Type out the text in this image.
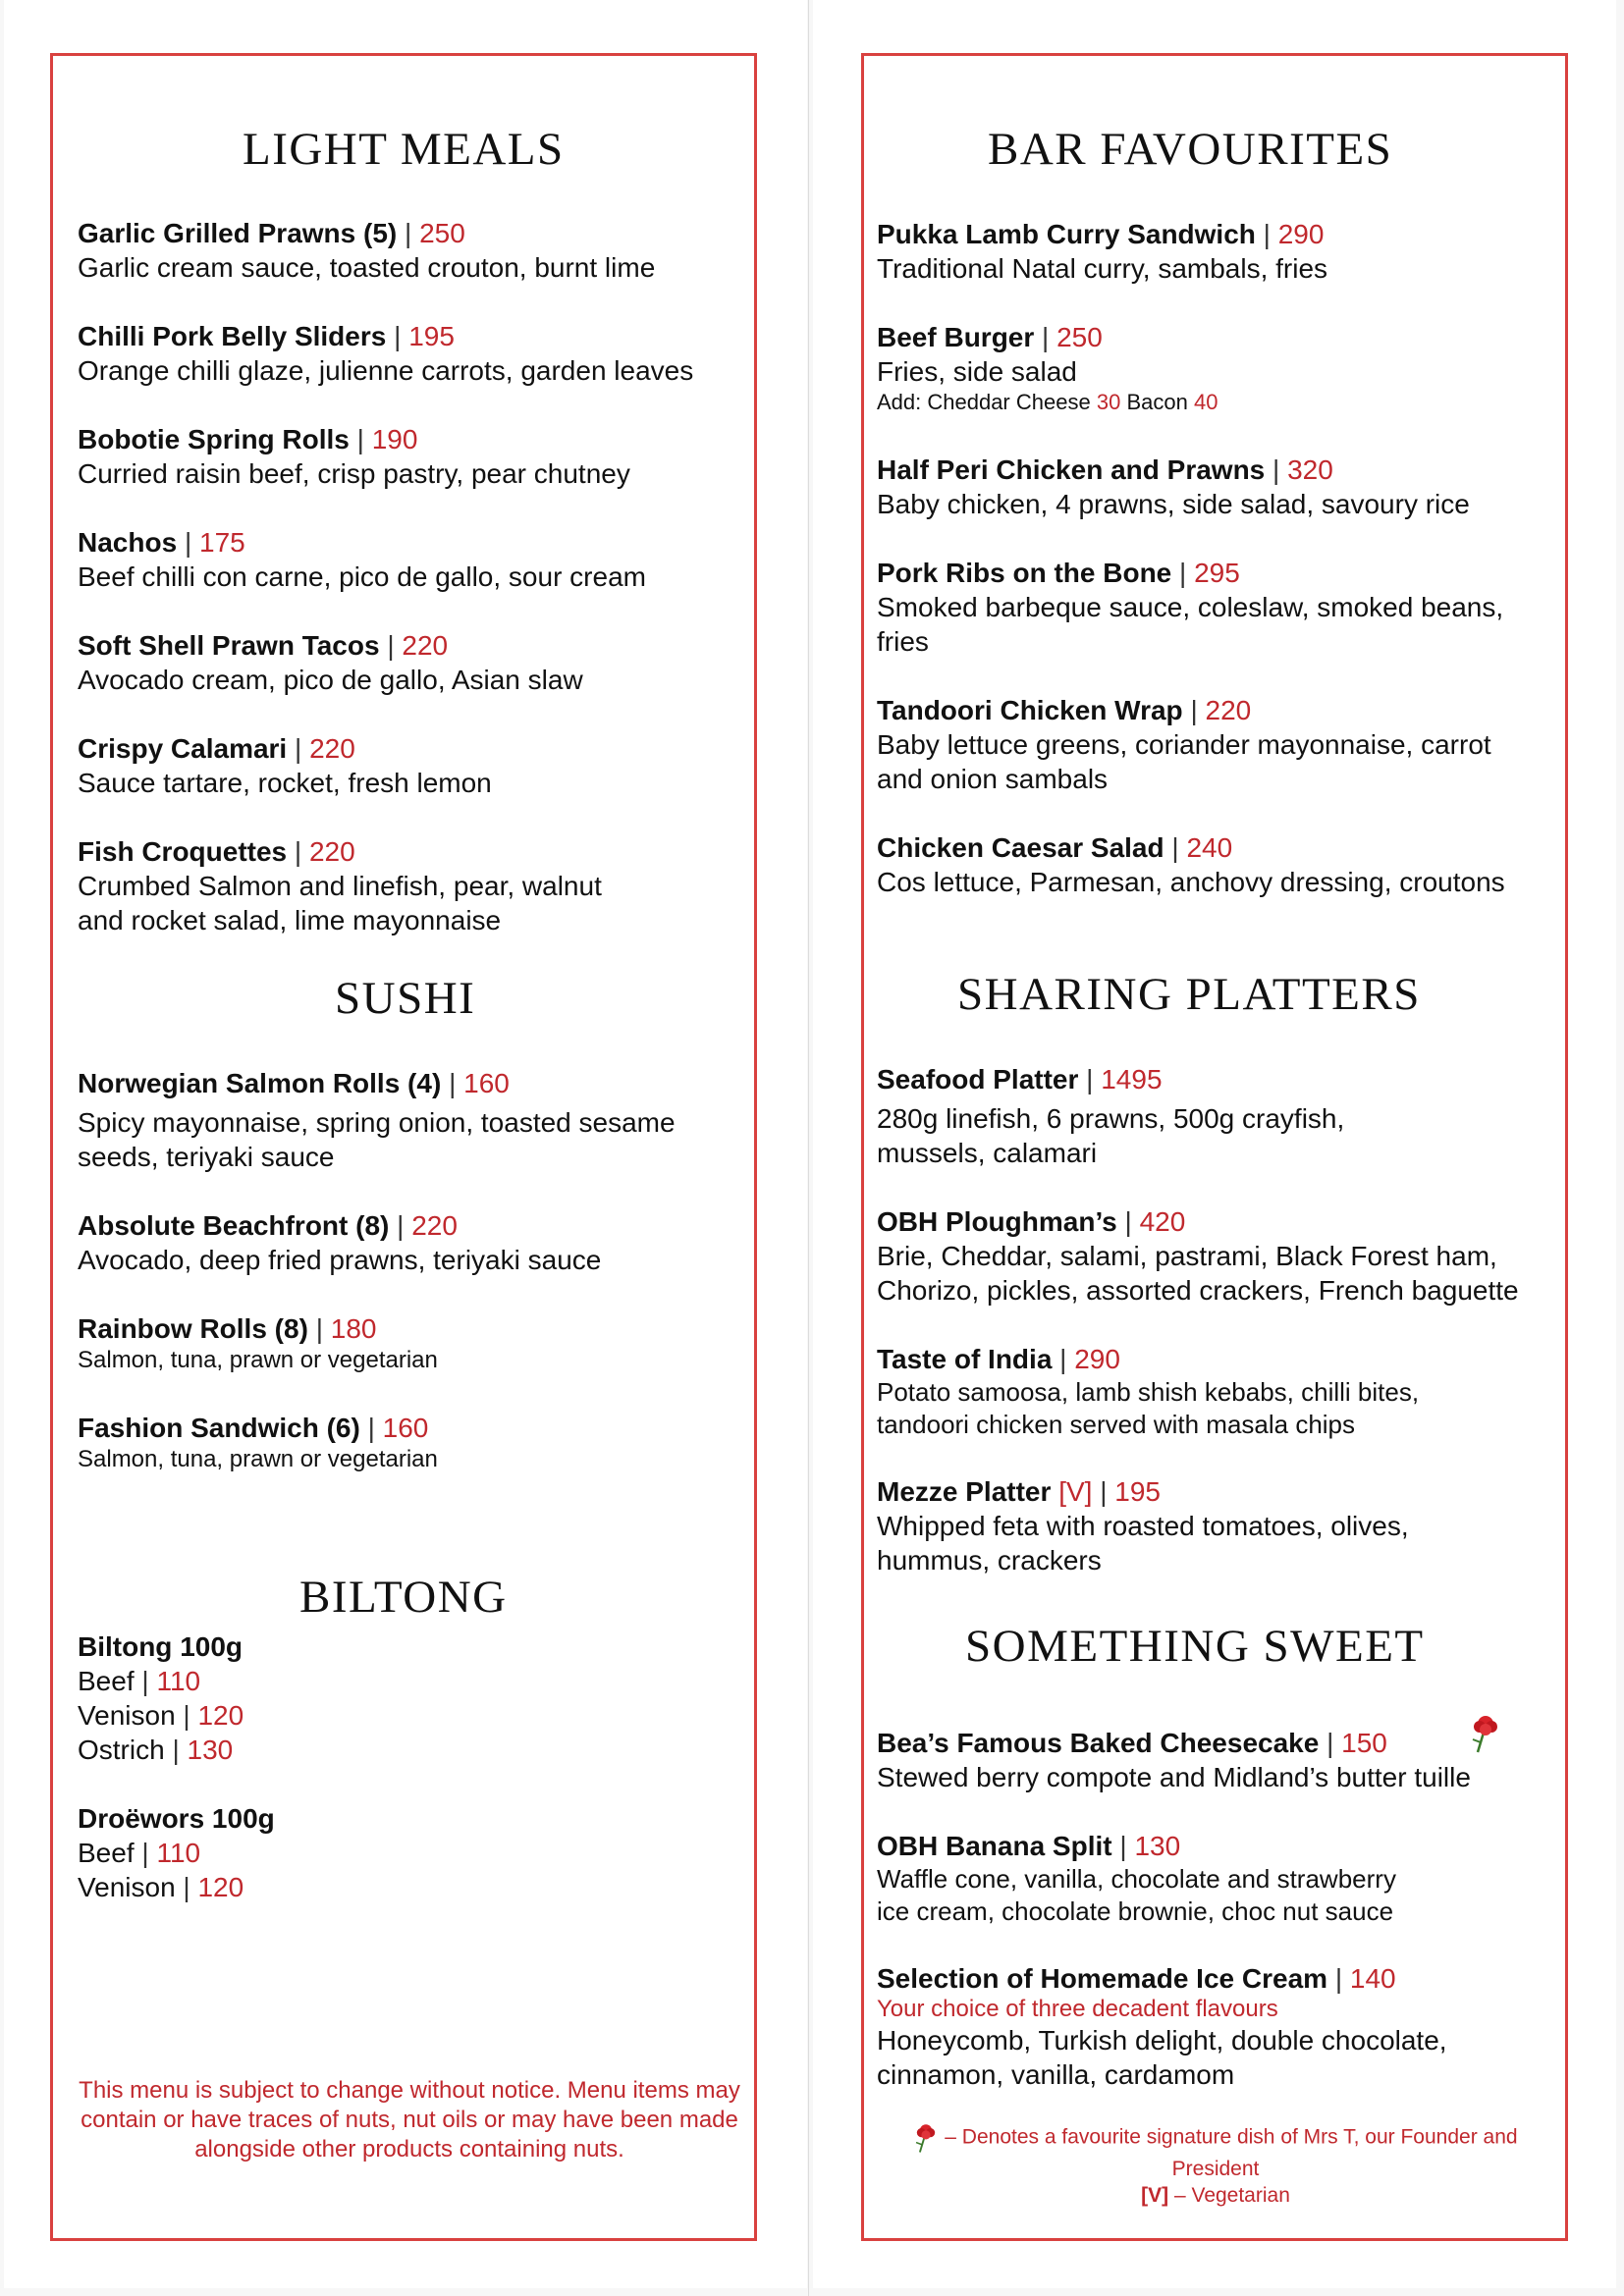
LIGHT MEALS
Garlic Grilled Prawns (5) | 250
Garlic cream sauce, toasted crouton, burnt lime
Chilli Pork Belly Sliders | 195
Orange chilli glaze, julienne carrots, garden leaves
Bobotie Spring Rolls | 190
Curried raisin beef, crisp pastry, pear chutney
Nachos | 175
Beef chilli con carne, pico de gallo, sour cream
Soft Shell Prawn Tacos | 220
Avocado cream, pico de gallo, Asian slaw
Crispy Calamari | 220
Sauce tartare, rocket, fresh lemon
Fish Croquettes | 220
Crumbed Salmon and linefish, pear, walnut
and rocket salad, lime mayonnaise
SUSHI
Norwegian Salmon Rolls (4) | 160
Spicy mayonnaise, spring onion, toasted sesame
seeds, teriyaki sauce
Absolute Beachfront (8) | 220
Avocado, deep fried prawns, teriyaki sauce
Rainbow Rolls (8) | 180
Salmon, tuna, prawn or vegetarian
Fashion Sandwich (6) | 160
Salmon, tuna, prawn or vegetarian
BILTONG
Biltong 100g
Beef | 110
Venison | 120
Ostrich | 130
Droëwors 100g
Beef | 110
Venison | 120
This menu is subject to change without notice. Menu items may contain or have traces of nuts, nut oils or may have been made alongside other products containing nuts.
BAR FAVOURITES
Pukka Lamb Curry Sandwich | 290
Traditional Natal curry, sambals, fries
Beef Burger | 250
Fries, side salad
Add: Cheddar Cheese 30 Bacon 40
Half Peri Chicken and Prawns | 320
Baby chicken, 4 prawns, side salad, savoury rice
Pork Ribs on the Bone | 295
Smoked barbeque sauce, coleslaw, smoked beans,
fries
Tandoori Chicken Wrap | 220
Baby lettuce greens, coriander mayonnaise, carrot
and onion sambals
Chicken Caesar Salad | 240
Cos lettuce, Parmesan, anchovy dressing, croutons
SHARING PLATTERS
Seafood Platter | 1495
280g linefish, 6 prawns, 500g crayfish,
mussels, calamari
OBH Ploughman’s | 420
Brie, Cheddar, salami, pastrami, Black Forest ham,
Chorizo, pickles, assorted crackers, French baguette
Taste of India | 290
Potato samoosa, lamb shish kebabs, chilli bites,
tandoori chicken served with masala chips
Mezze Platter [V] | 195
Whipped feta with roasted tomatoes, olives,
hummus, crackers
SOMETHING SWEET
Bea’s Famous Baked Cheesecake | 150
Stewed berry compote and Midland’s butter tuille
OBH Banana Split | 130
Waffle cone, vanilla, chocolate and strawberry
ice cream, chocolate brownie, choc nut sauce
Selection of Homemade Ice Cream | 140
Your choice of three decadent flavours
Honeycomb, Turkish delight, double chocolate,
cinnamon, vanilla, cardamom
– Denotes a favourite signature dish of Mrs T, our Founder and President
[V] – Vegetarian
